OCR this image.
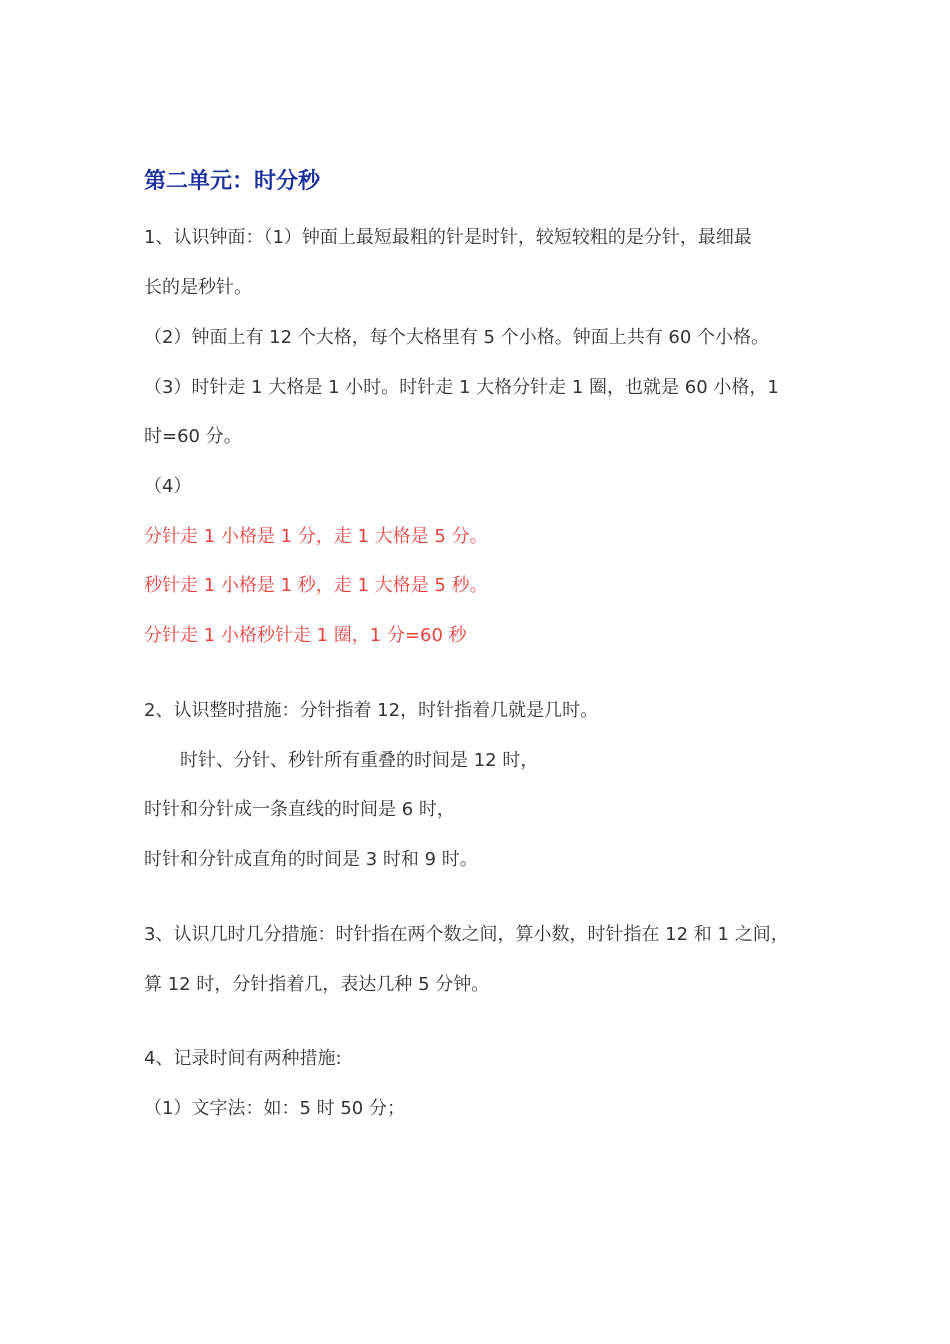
第二单元：时分秒
1、认识钟面：（1）钟面上最短最粗的针是时针，较短较粗的是分针，最细最
长的是秒针。
（2）钟面上有 12 个大格，每个大格里有 5 个小格。钟面上共有 60 个小格。
（3）时针走 1 大格是 1 小时。时针走 1 大格分针走 1 圈，也就是 60 小格，1
时=60 分。
（4）
分针走 1 小格是 1 分，走 1 大格是 5 分。
秒针走 1 小格是 1 秒，走 1 大格是 5 秒。
分针走 1 小格秒针走 1 圈，1 分=60 秒
2、认识整时措施：分针指着 12，时针指着几就是几时。
时针、分针、秒针所有重叠的时间是 12 时，
时针和分针成一条直线的时间是 6 时，
时针和分针成直角的时间是 3 时和 9 时。
3、认识几时几分措施：时针指在两个数之间，算小数，时针指在 12 和 1 之间，
算 12 时，分针指着几，表达几种 5 分钟。
4、记录时间有两种措施:
（1）文字法：如：5 时 50 分；
